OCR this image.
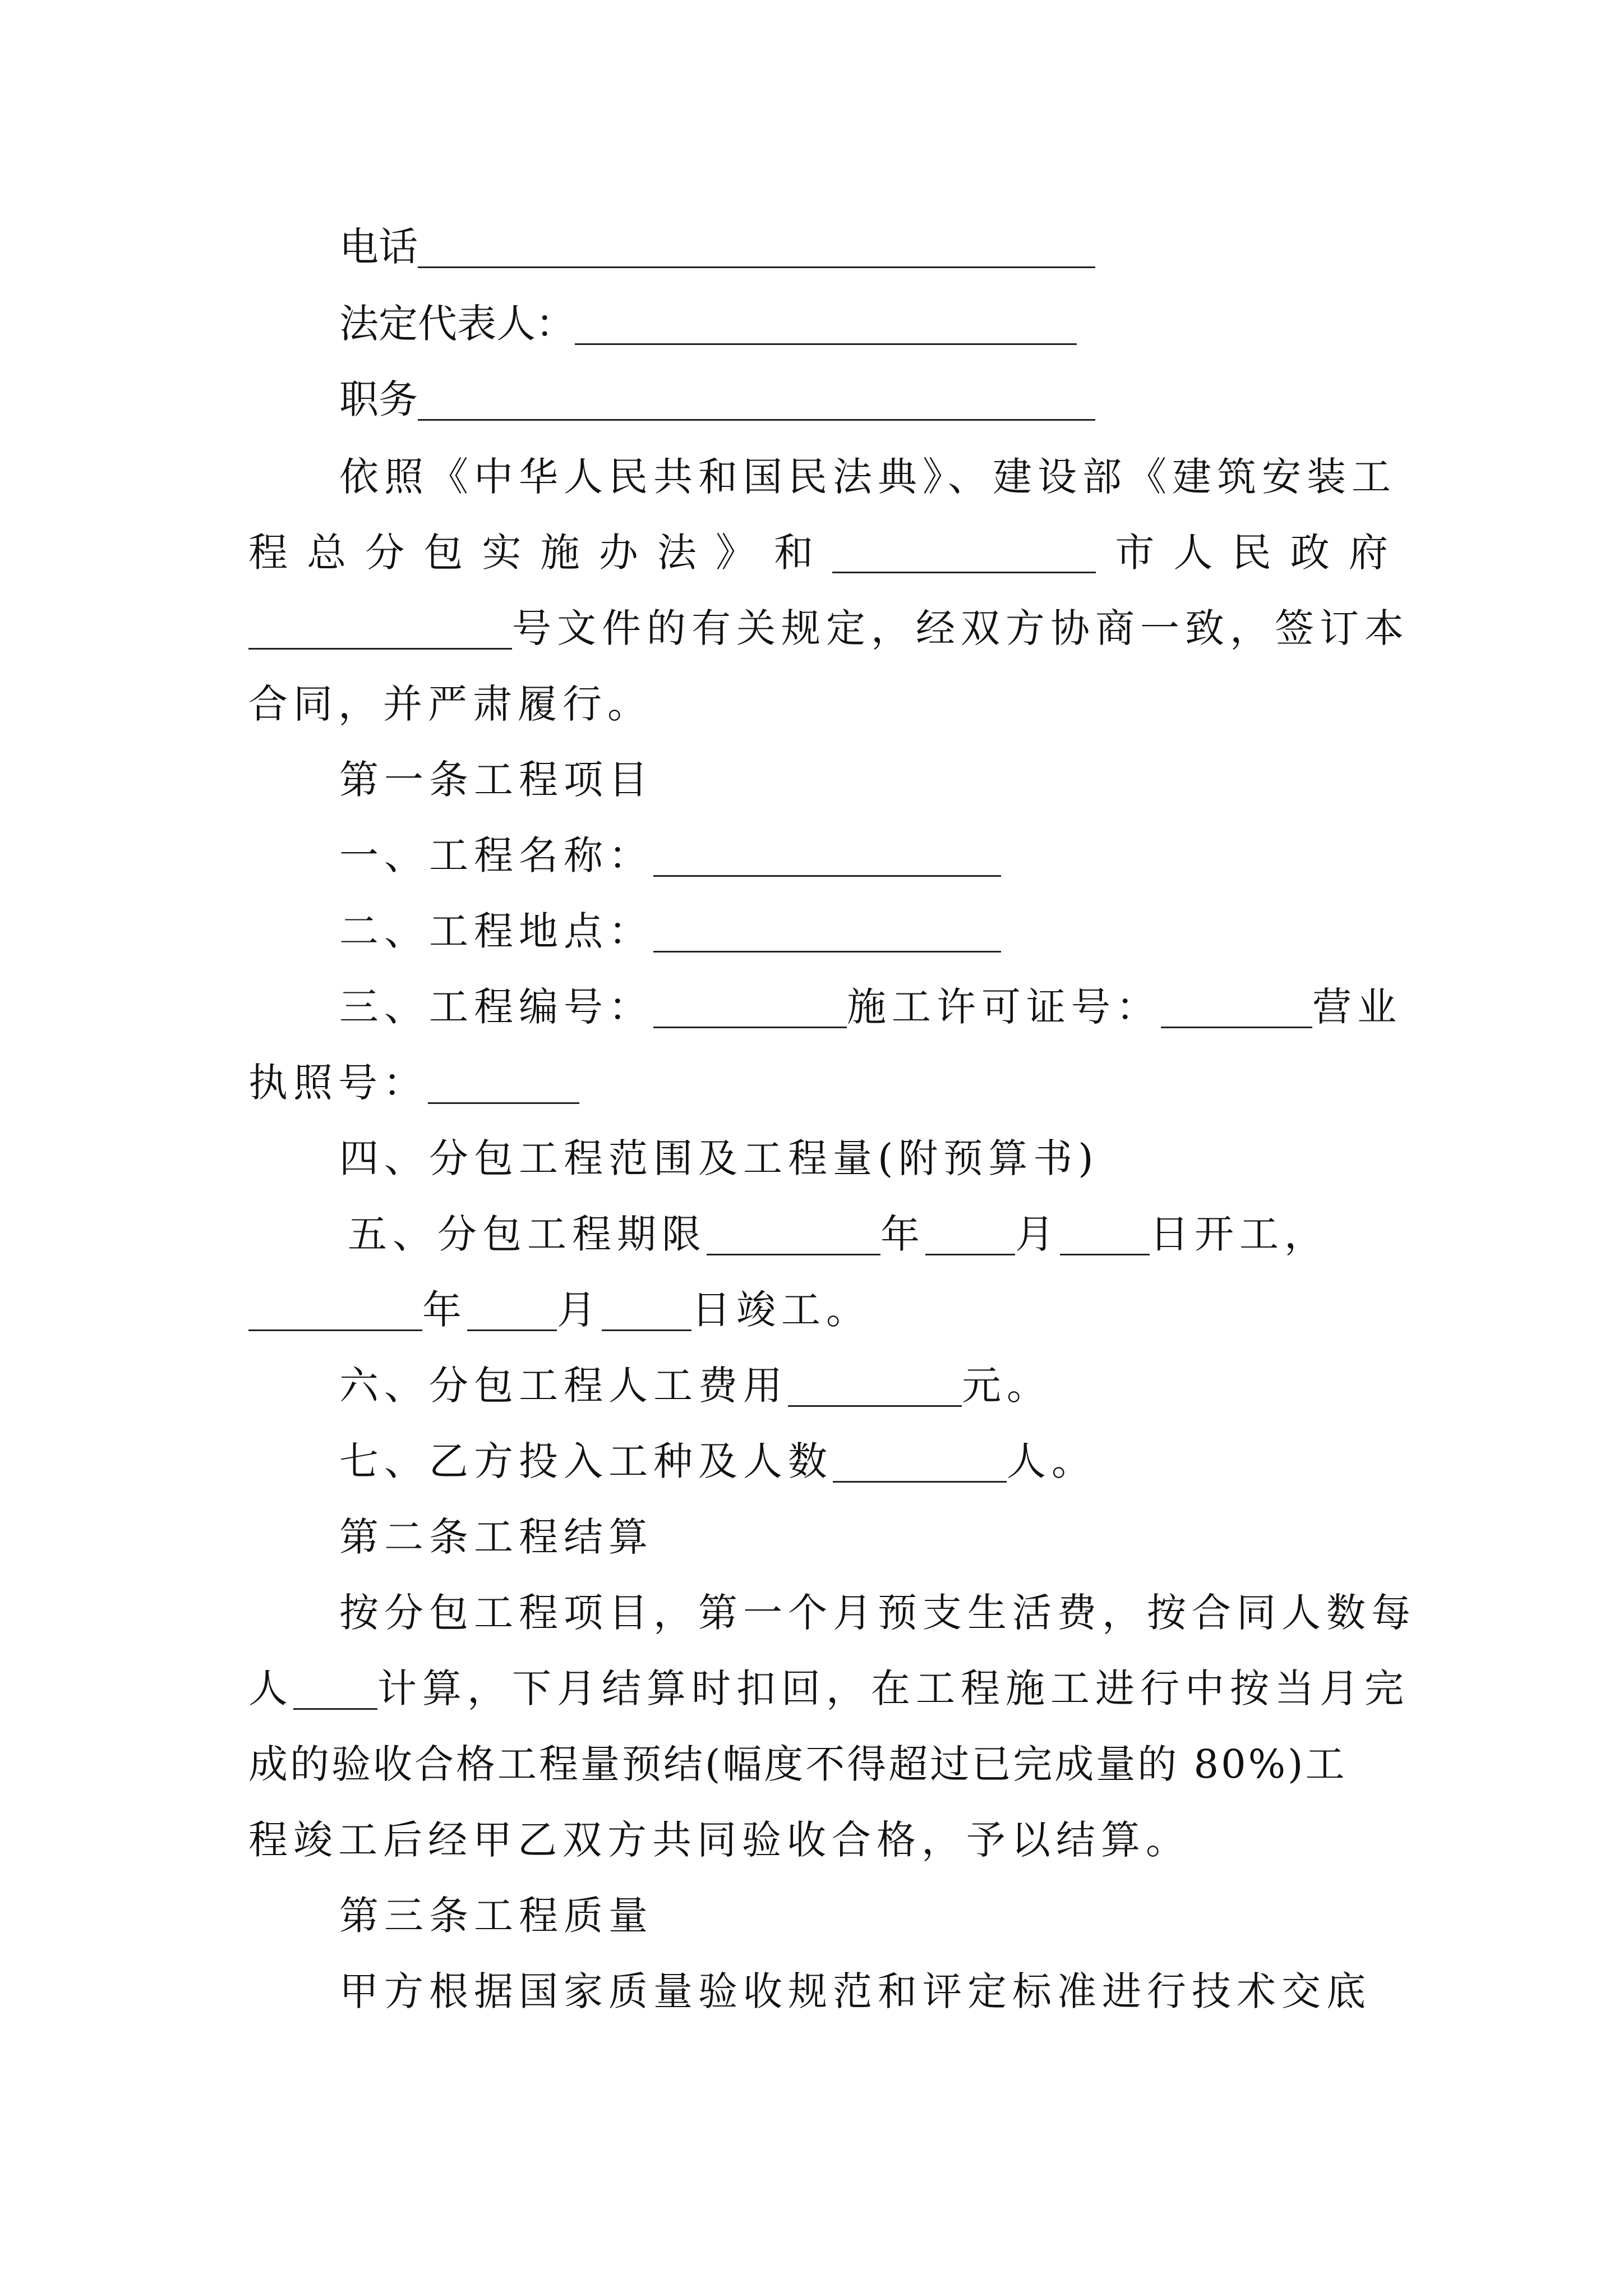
电话
法定代表人：
职务
依照《中华人民共和国民法典》、建设部《建筑安装工
程 总 分 包 实 施 办 法 》 和	市 人 民 政 府
号文件的有关规定，经双方协商一致，签订本
合同，并严肃履行。
第一条工程项目
一、工程名称：
二、工程地点：
三、工程编号：	施工许可证号：	营业
执照号：
四、分包工程范围及工程量(附预算书)
五、分包工程期限	年 月 日开工，
年 月 日竣工。
六、分包工程人工费用	元。
七、乙方投入工种及人数	人。
第二条工程结算
按分包工程项目，第一个月预支生活费，按合同人数每
人 计算，下月结算时扣回，在工程施工进行中按当月完
成的验收合格工程量预结(幅度不得超过已完成量的 80%)工
程竣工后经甲乙双方共同验收合格，予以结算。
第三条工程质量
甲方根据国家质量验收规范和评定标准进行技术交底
